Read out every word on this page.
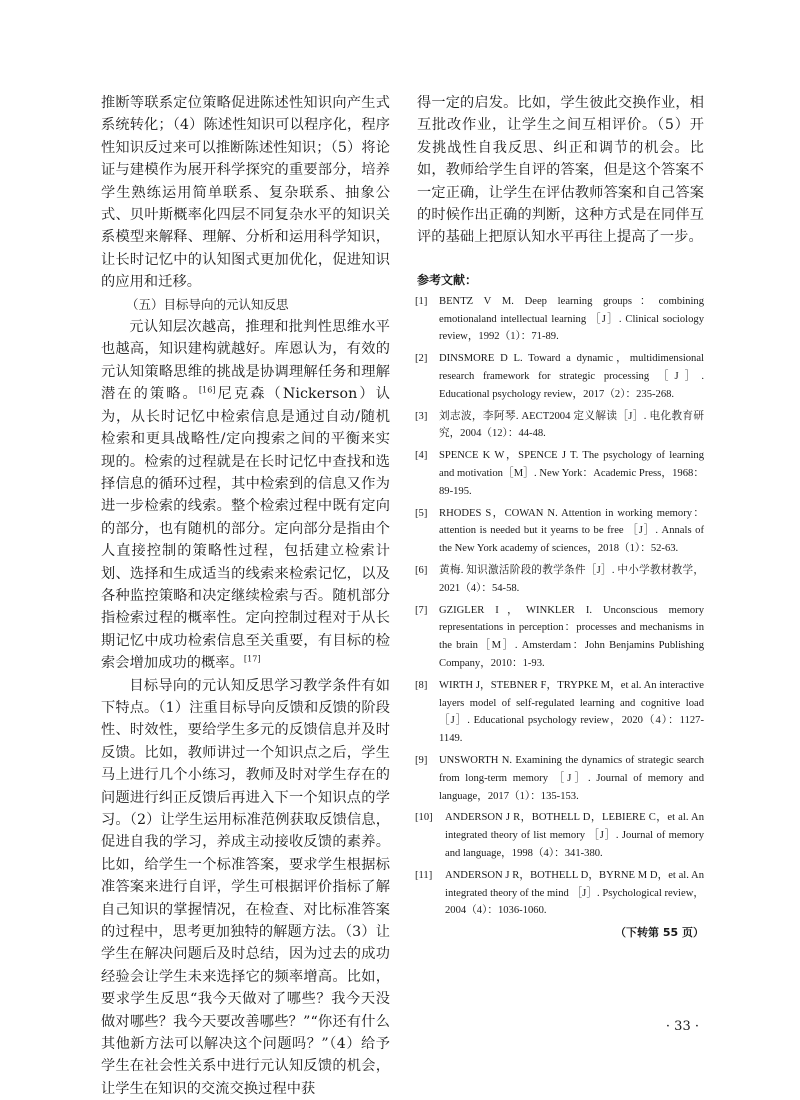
推断等联系定位策略促进陈述性知识向产生式系统转化；（4）陈述性知识可以程序化，程序性知识反过来可以推断陈述性知识；（5）将论证与建模作为展开科学探究的重要部分，培养学生熟练运用简单联系、复杂联系、抽象公式、贝叶斯概率化四层不同复杂水平的知识关系模型来解释、理解、分析和运用科学知识，让长时记忆中的认知图式更加优化，促进知识的应用和迁移。

（五）目标导向的元认知反思

元认知层次越高，推理和批判性思维水平也越高，知识建构就越好。库恩认为，有效的元认知策略思维的挑战是协调理解任务和理解潜在的策略。[16]尼克森（Nickerson）认为，从长时记忆中检索信息是通过自动/随机检索和更具战略性/定向搜索之间的平衡来实现的。检索的过程就是在长时记忆中查找和选择信息的循环过程，其中检索到的信息又作为进一步检索的线索。整个检索过程中既有定向的部分，也有随机的部分。定向部分是指由个人直接控制的策略性过程，包括建立检索计划、选择和生成适当的线索来检索记忆，以及各种监控策略和决定继续检索与否。随机部分指检索过程的概率性。定向控制过程对于从长期记忆中成功检索信息至关重要，有目标的检索会增加成功的概率。[17]

目标导向的元认知反思学习教学条件有如下特点。（1）注重目标导向反馈和反馈的阶段性、时效性，要给学生多元的反馈信息并及时反馈。比如，教师讲过一个知识点之后，学生马上进行几个小练习，教师及时对学生存在的问题进行纠正反馈后再进入下一个知识点的学习。（2）让学生运用标准范例获取反馈信息，促进自我的学习，养成主动接收反馈的素养。比如，给学生一个标准答案，要求学生根据标准答案来进行自评，学生可根据评价指标了解自己知识的掌握情况，在检查、对比标准答案的过程中，思考更加独特的解题方法。（3）让学生在解决问题后及时总结，因为过去的成功经验会让学生未来选择它的频率增高。比如，要求学生反思“我今天做对了哪些？我今天没做对哪些？我今天要改善哪些？”“你还有什么其他新方法可以解决这个问题吗？”（4）给予学生在社会性关系中进行元认知反馈的机会，让学生在知识的交流交换过程中获

得一定的启发。比如，学生彼此交换作业，相互批改作业，让学生之间互相评价。（5）开发挑战性自我反思、纠正和调节的机会。比如，教师给学生自评的答案，但是这个答案不一定正确，让学生在评估教师答案和自己答案的时候作出正确的判断，这种方式是在同伴互评的基础上把原认知水平再往上提高了一步。

参考文献：
[1] BENTZ V M. Deep learning groups：combining emotionaland intellectual learning ［J］. Clinical sociology review，1992（1）：71-89.
[2] DINSMORE D L. Toward a dynamic，multidimensional research framework for strategic processing ［J］. Educational psychology review，2017（2）：235-268.
[3] 刘志波，李阿琴. AECT2004 定义解读［J］. 电化教育研究，2004（12）：44-48.
[4] SPENCE K W，SPENCE J T. The psychology of learning and motivation［M］. New York：Academic Press，1968：89-195.
[5] RHODES S，COWAN N. Attention in working memory：attention is needed but it yearns to be free ［J］. Annals of the New York academy of sciences，2018（1）：52-63.
[6] 黄梅. 知识激活阶段的教学条件［J］. 中小学教材教学，2021（4）：54-58.
[7] GZIGLER I，WINKLER I. Unconscious memory representations in perception：processes and mechanisms in the brain［M］. Amsterdam：John Benjamins Publishing Company，2010：1-93.
[8] WIRTH J，STEBNER F，TRYPKE M，et al. An interactive layers model of self-regulated learning and cognitive load ［J］. Educational psychology review，2020（4）：1127-1149.
[9] UNSWORTH N. Examining the dynamics of strategic search from long-term memory ［J］. Journal of memory and language，2017（1）：135-153.
[10] ANDERSON J R，BOTHELL D，LEBIERE C，et al. An integrated theory of list memory ［J］. Journal of memory and language，1998（4）：341-380.
[11] ANDERSON J R，BOTHELL D，BYRNE M D，et al. An integrated theory of the mind ［J］. Psychological review，2004（4）：1036-1060.
（下转第 55 页）
· 33 ·
